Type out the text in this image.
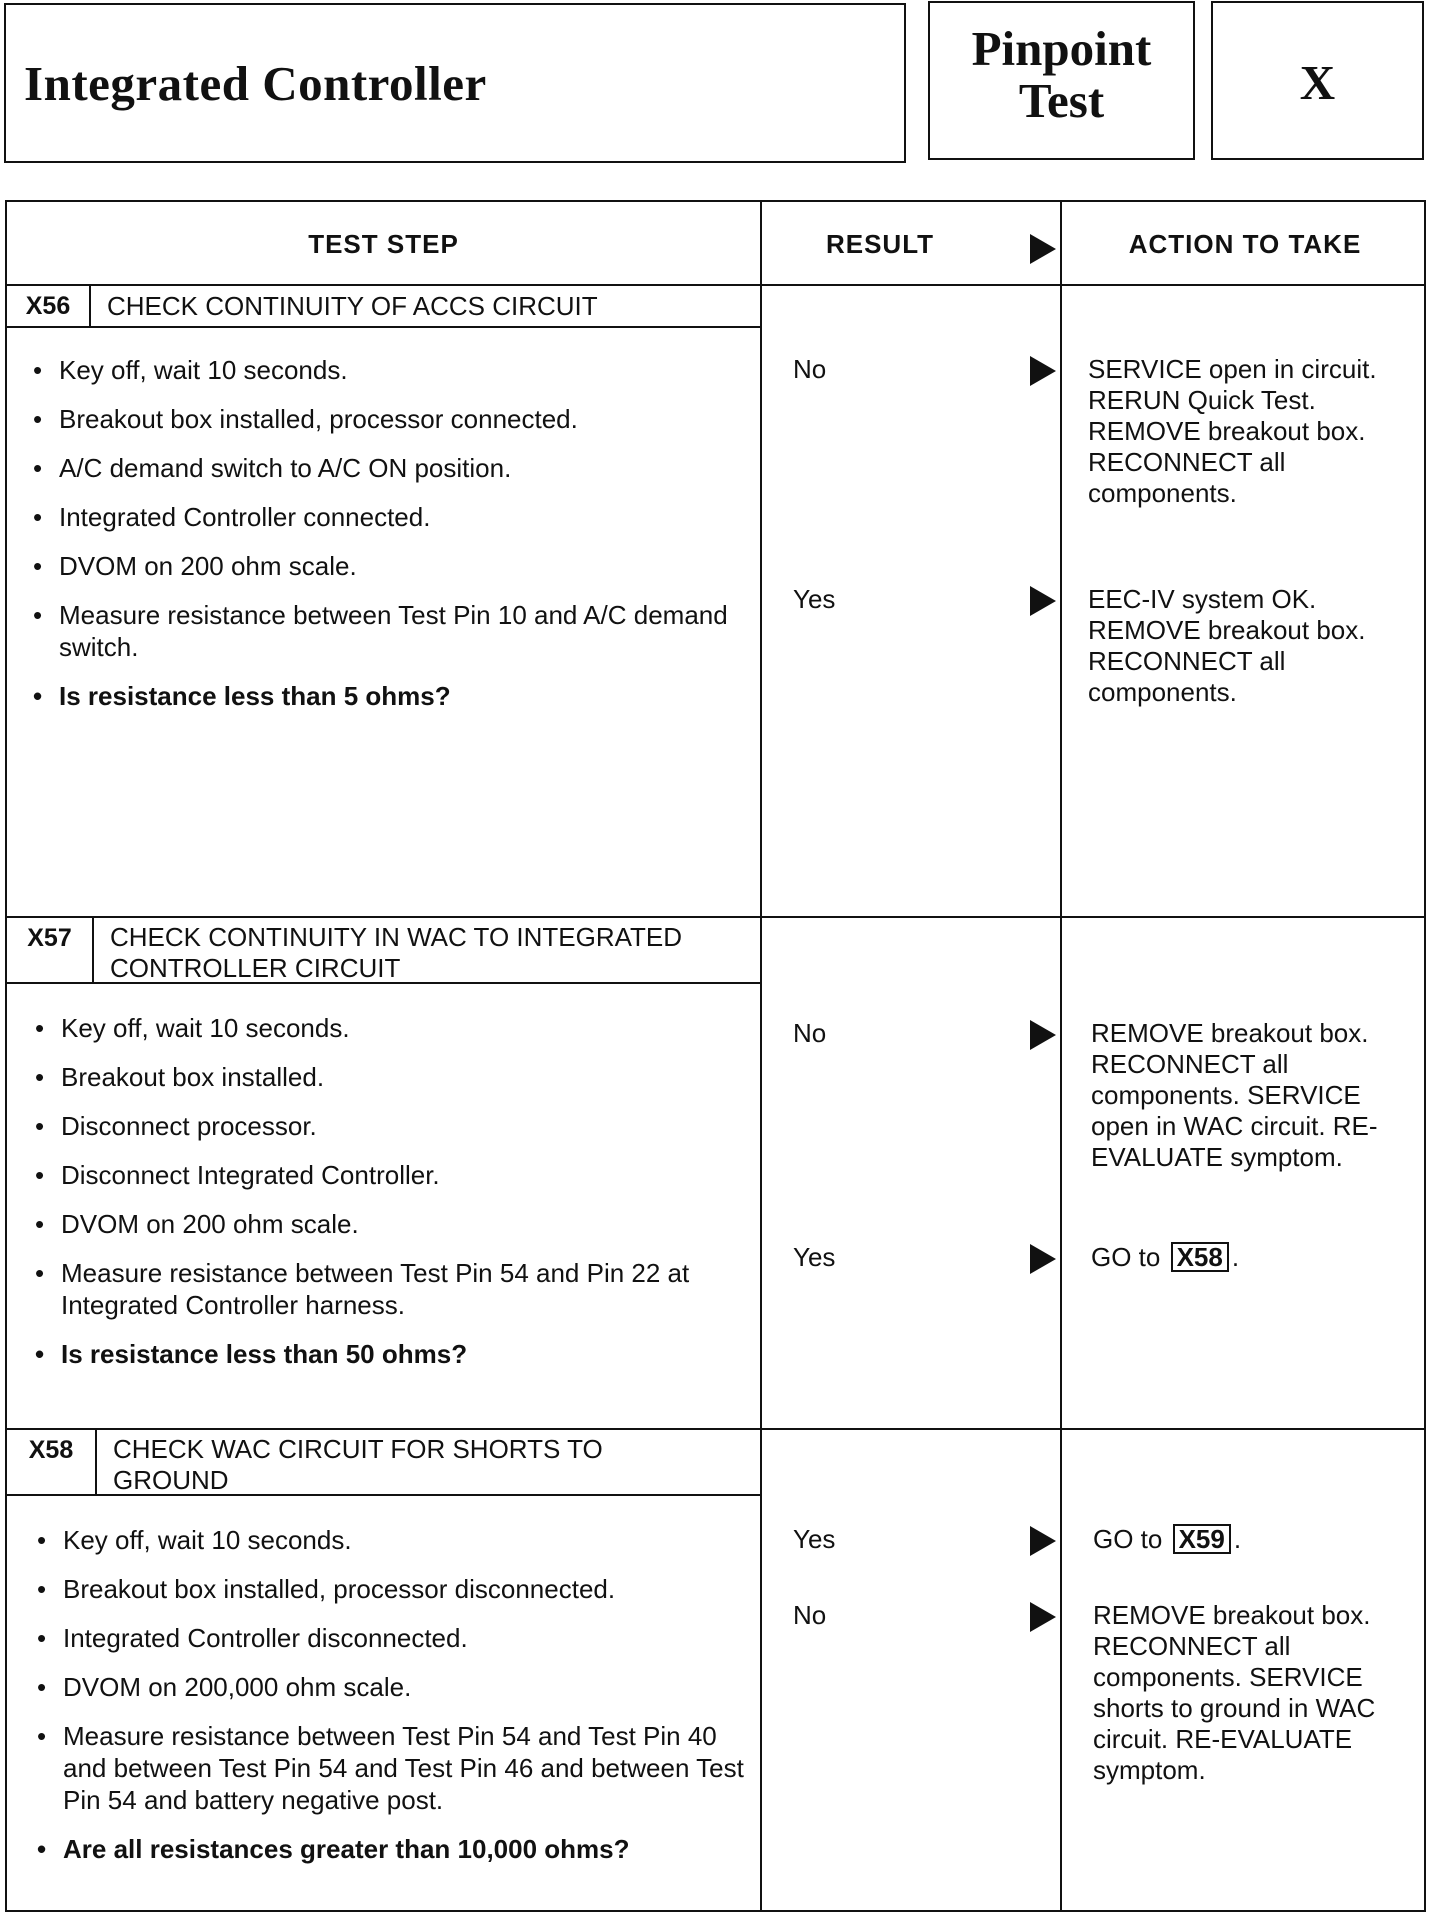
Integrated Controller
Pinpoint
Test	X
TEST STEP	RESULT	ACTION TO TAKE
X56	CHECK CONTINUITY OF ACCS CIRCUIT
• Key off, wait 10 seconds.
• Breakout box installed, processor connected.
• A/C demand switch to A/C ON position.
• Integrated Controller connected.
• DVOM on 200 ohm scale.
• Measure resistance between Test Pin 10 and A/C demand switch.
• Is resistance less than 5 ohms?
No	SERVICE open in circuit. RERUN Quick Test. REMOVE breakout box. RECONNECT all components.
Yes	EEC-IV system OK. REMOVE breakout box. RECONNECT all components.
X57	CHECK CONTINUITY IN WAC TO INTEGRATED
CONTROLLER CIRCUIT
• Key off, wait 10 seconds.
• Breakout box installed.
• Disconnect processor.
• Disconnect Integrated Controller.
• DVOM on 200 ohm scale.
• Measure resistance between Test Pin 54 and Pin 22 at Integrated Controller harness.
• Is resistance less than 50 ohms?
No	REMOVE breakout box. RECONNECT all components. SERVICE open in WAC circuit. RE-EVALUATE symptom.
Yes	GO to X58 .
X58	CHECK WAC CIRCUIT FOR SHORTS TO
GROUND
• Key off, wait 10 seconds.
• Breakout box installed, processor disconnected.
• Integrated Controller disconnected.
• DVOM on 200,000 ohm scale.
• Measure resistance between Test Pin 54 and Test Pin 40 and between Test Pin 54 and Test Pin 46 and between Test Pin 54 and battery negative post.
• Are all resistances greater than 10,000 ohms?
Yes	GO to X59 .
No	REMOVE breakout box. RECONNECT all components. SERVICE shorts to ground in WAC circuit. RE-EVALUATE symptom.
